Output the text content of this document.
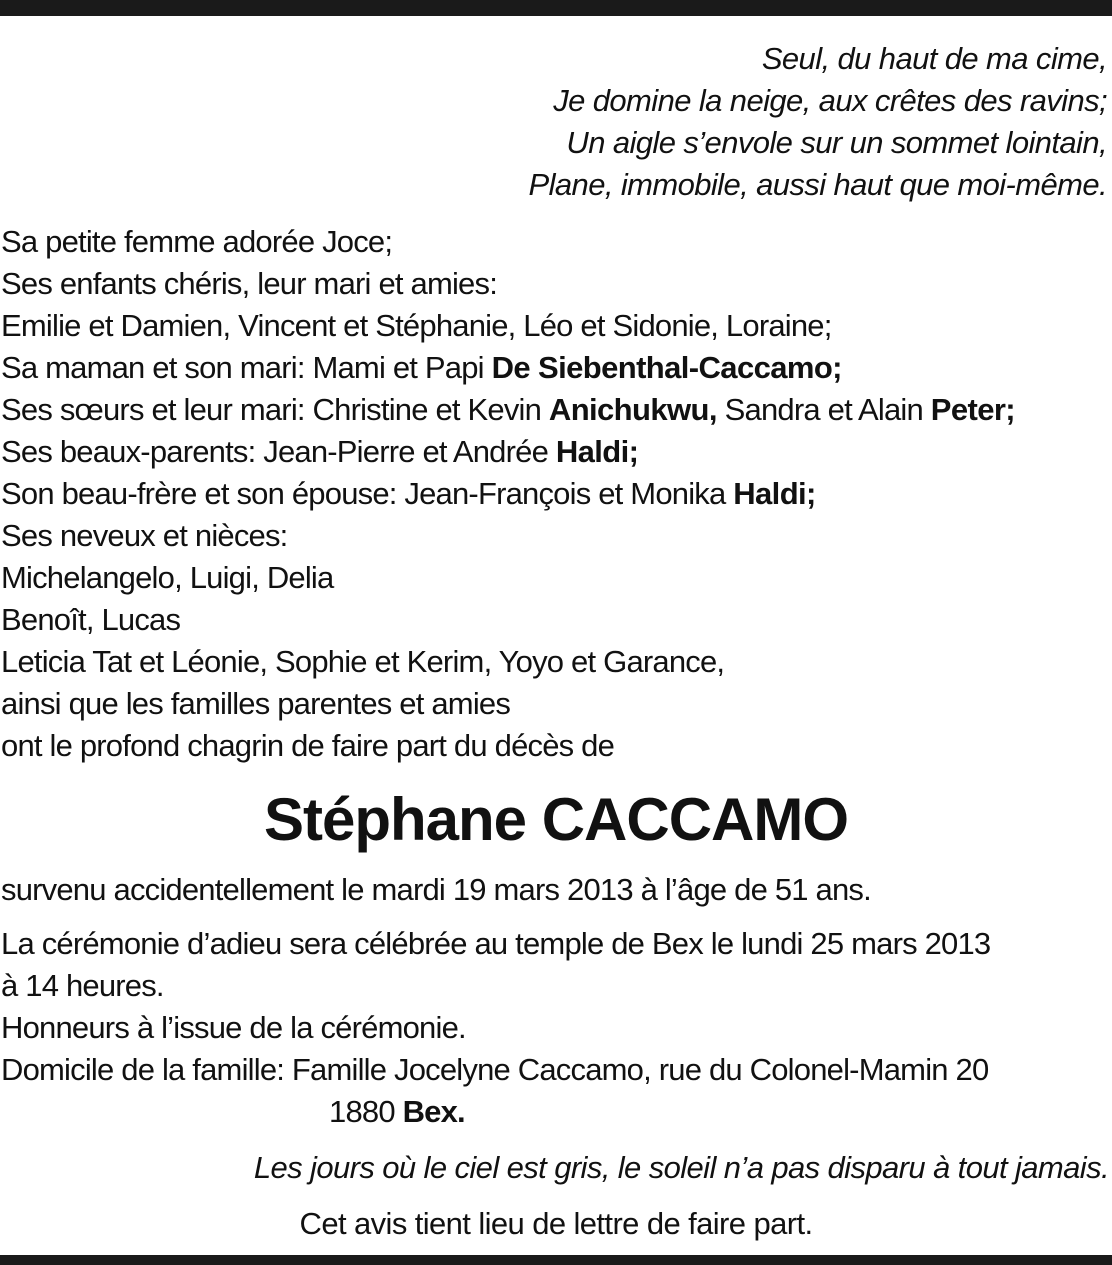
Seul, du haut de ma cime,
Je domine la neige, aux crêtes des ravins;
Un aigle s’envole sur un sommet lointain,
Plane, immobile, aussi haut que moi-même.
Sa petite femme adorée Joce;
Ses enfants chéris, leur mari et amies:
Emilie et Damien, Vincent et Stéphanie, Léo et Sidonie, Loraine;
Sa maman et son mari: Mami et Papi De Siebenthal-Caccamo;
Ses sœurs et leur mari: Christine et Kevin Anichukwu, Sandra et Alain Peter;
Ses beaux-parents: Jean-Pierre et Andrée Haldi;
Son beau-frère et son épouse: Jean-François et Monika Haldi;
Ses neveux et nièces:
Michelangelo, Luigi, Delia
Benoît, Lucas
Leticia Tat et Léonie, Sophie et Kerim, Yoyo et Garance,
ainsi que les familles parentes et amies
ont le profond chagrin de faire part du décès de
Stéphane CACCAMO
survenu accidentellement le mardi 19 mars 2013 à l’âge de 51 ans.
La cérémonie d’adieu sera célébrée au temple de Bex le lundi 25 mars 2013
à 14 heures.
Honneurs à l’issue de la cérémonie.
Domicile de la famille: Famille Jocelyne Caccamo, rue du Colonel-Mamin 20
1880 Bex.
Les jours où le ciel est gris, le soleil n’a pas disparu à tout jamais.
Cet avis tient lieu de lettre de faire part.
